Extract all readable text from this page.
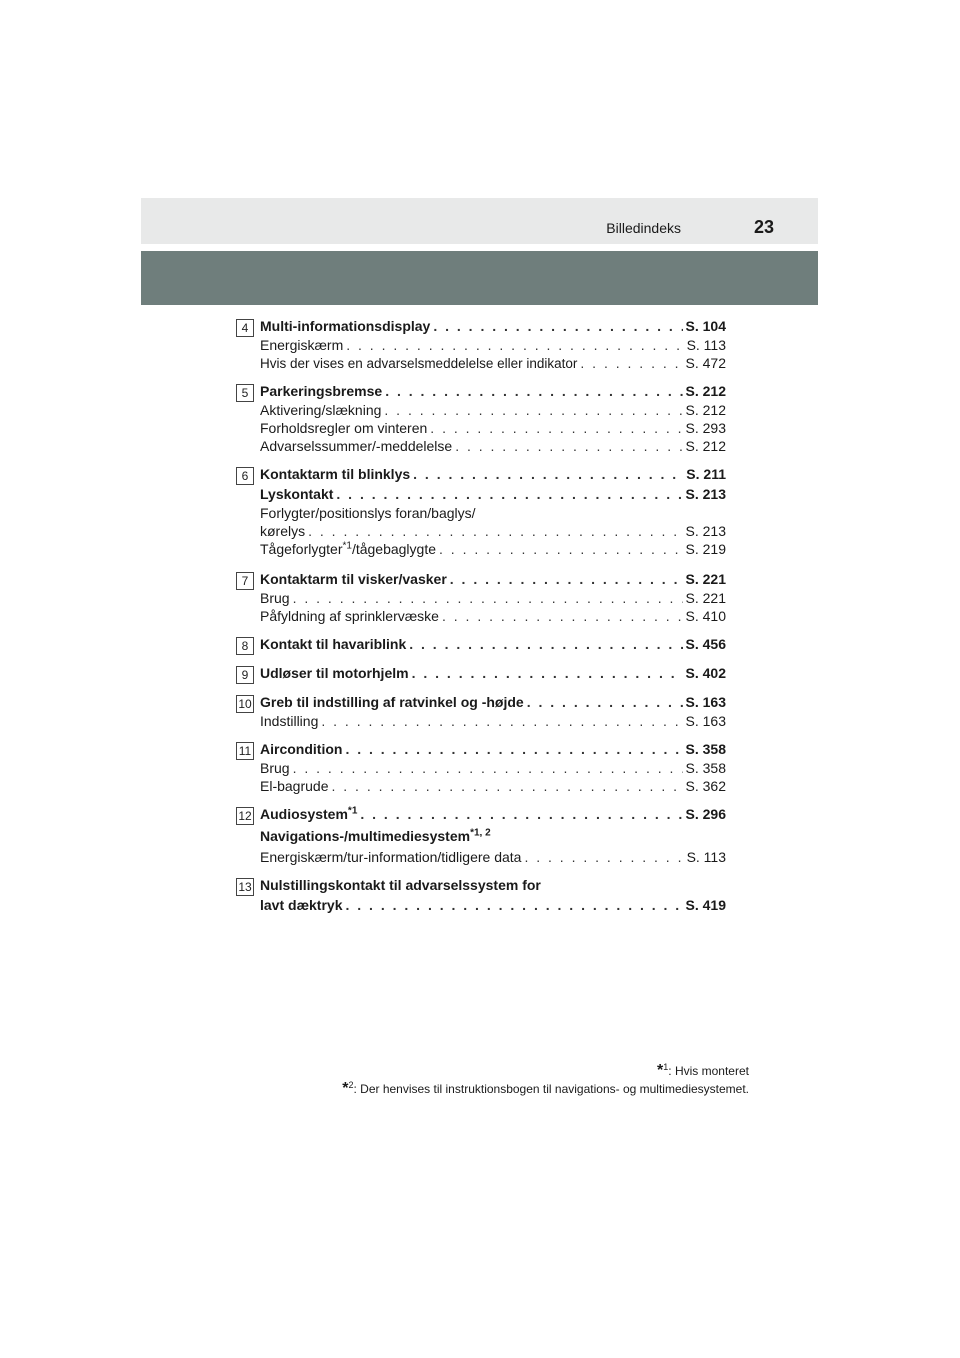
Billedindeks	23
4 Multi-informationsdisplay . . .	S. 104
Energiskærm . . .	S. 113
Hvis der vises en advarselsmeddelelse eller indikator . . .	S. 472
5 Parkeringsbremse . . .	S. 212
Aktivering/slækning . . .	S. 212
Forholdsregler om vinteren . . .	S. 293
Advarselssummer/-meddelelse . . .	S. 212
6 Kontaktarm til blinklys . . .	S. 211
Lyskontakt . . .	S. 213
Forlygter/positionslys foran/baglys/
kørelys . . .	S. 213
Tågeforlygter$^{*1}$/tågebaglygte . . .	S. 219
7 Kontaktarm til visker/vasker . . .	S. 221
Brug . . .	S. 221
Påfyldning af sprinklervæske . . .	S. 410
8 Kontakt til havariblink . . .	S. 456
9 Udløser til motorhjelm . . .	S. 402
10 Greb til indstilling af ratvinkel og -højde . . .	S. 163
Indstilling . . .	S. 163
11 Aircondition . . .	S. 358
Brug . . .	S. 358
El-bagrude . . .	S. 362
12 Audiosystem$^{*1}$ . . .	S. 296
Navigations-/multimediesystem$^{*1, 2}$
Energiskærm/tur-information/tidligere data . . .	S. 113
13 Nulstillingskontakt til advarselssystem for
lavt dæktryk . . .	S. 419
*$^1$: Hvis monteret
*$^2$: Der henvises til instruktionsbogen til navigations- og multimediesystemet.
